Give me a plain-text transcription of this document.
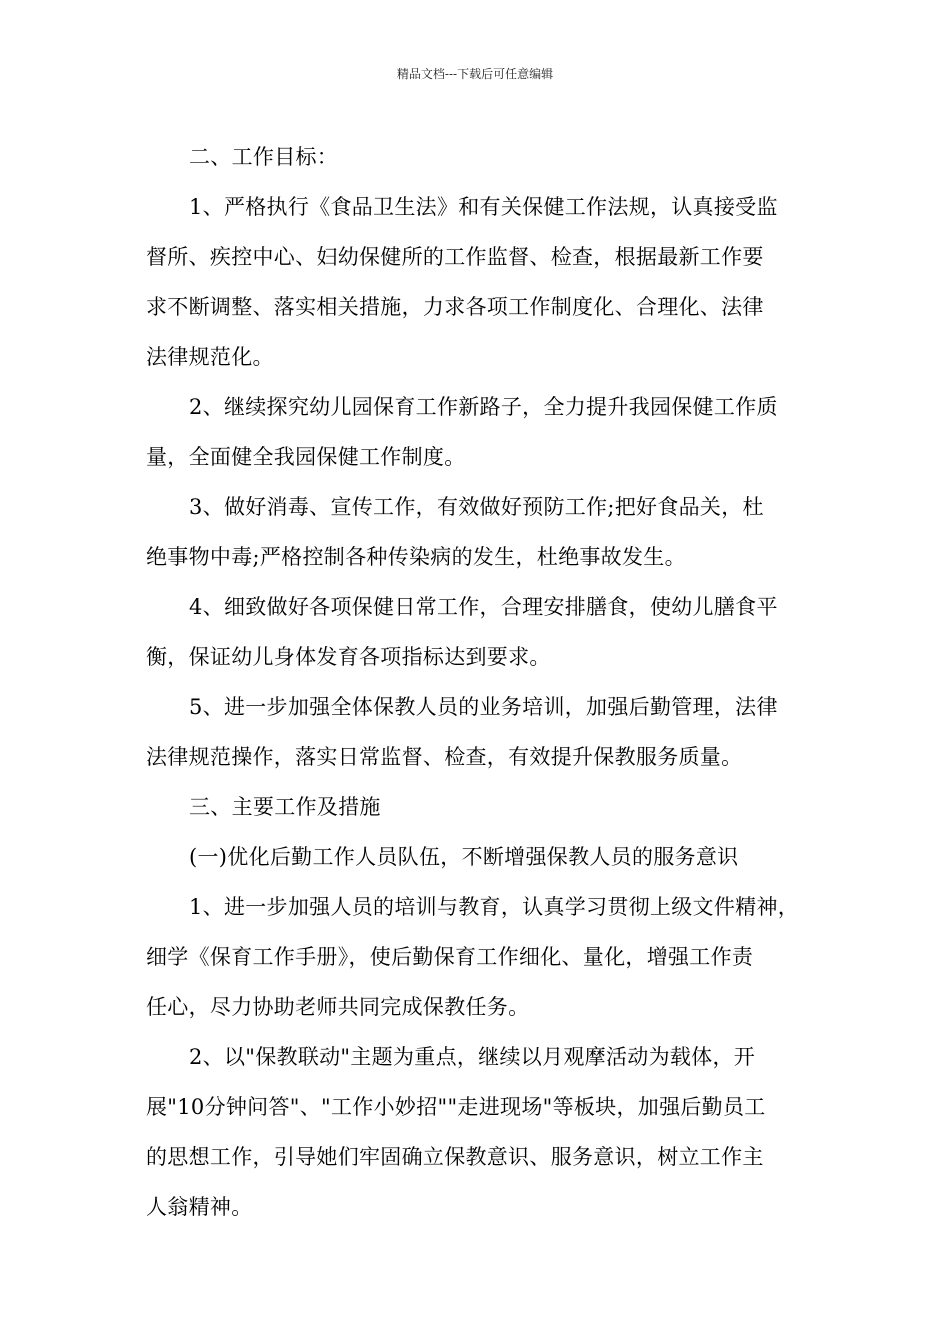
精品文档---下载后可任意编辑
二、工作目标：
1、严格执行《食品卫生法》和有关保健工作法规，认真接受监
督所、疾控中心、妇幼保健所的工作监督、检查，根据最新工作要
求不断调整、落实相关措施，力求各项工作制度化、合理化、法律
法律规范化。
2、继续探究幼儿园保育工作新路子，全力提升我园保健工作质
量，全面健全我园保健工作制度。
3、做好消毒、宣传工作，有效做好预防工作;把好食品关，杜
绝事物中毒;严格控制各种传染病的发生，杜绝事故发生。
4、细致做好各项保健日常工作，合理安排膳食，使幼儿膳食平
衡，保证幼儿身体发育各项指标达到要求。
5、进一步加强全体保教人员的业务培训，加强后勤管理，法律
法律规范操作，落实日常监督、检查，有效提升保教服务质量。
三、主要工作及措施
(一)优化后勤工作人员队伍，不断增强保教人员的服务意识
1、进一步加强人员的培训与教育，认真学习贯彻上级文件精神，
细学《保育工作手册》，使后勤保育工作细化、量化，增强工作责
任心，尽力协助老师共同完成保教任务。
2、以"保教联动"主题为重点，继续以月观摩活动为载体，开
展"10分钟问答"、"工作小妙招""走进现场"等板块，加强后勤员工
的思想工作，引导她们牢固确立保教意识、服务意识，树立工作主
人翁精神。
